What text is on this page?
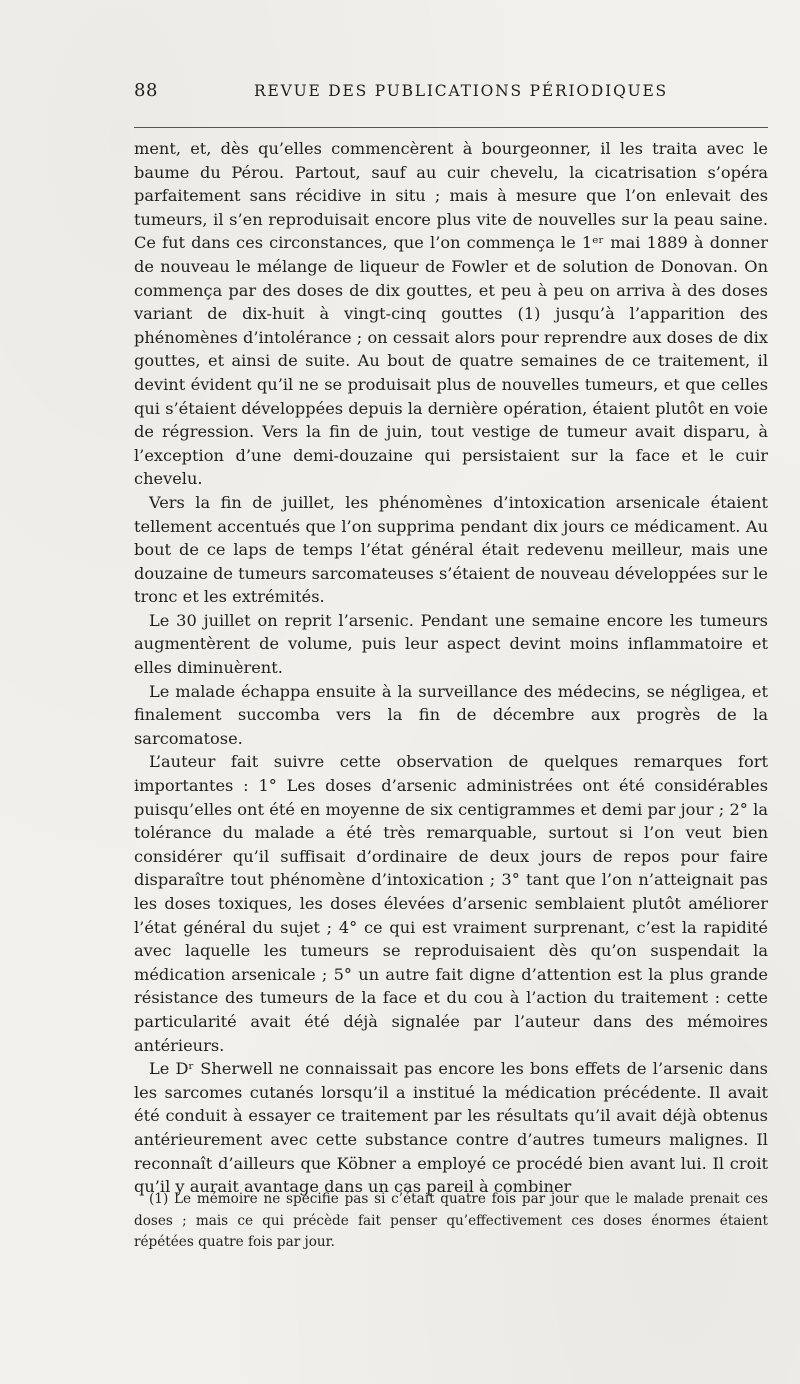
88	REVUE DES PUBLICATIONS PÉRIODIQUES

ment, et, dès qu’elles commencèrent à bourgeonner, il les traita avec le baume du Pérou. Partout, sauf au cuir chevelu, la cicatrisation s’opéra parfaitement sans récidive in situ ; mais à mesure que l’on enlevait des tumeurs, il s’en reproduisait encore plus vite de nouvelles sur la peau saine. Ce fut dans ces circonstances, que l’on commença le 1ᵉʳ mai 1889 à donner de nouveau le mélange de liqueur de Fowler et de solution de Donovan. On commença par des doses de dix gouttes, et peu à peu on arriva à des doses variant de dix-huit à vingt-cinq gouttes (1) jusqu’à l’apparition des phénomènes d’intolérance ; on cessait alors pour reprendre aux doses de dix gouttes, et ainsi de suite. Au bout de quatre semaines de ce traitement, il devint évident qu’il ne se produisait plus de nouvelles tumeurs, et que celles qui s’étaient développées depuis la dernière opération, étaient plutôt en voie de régression. Vers la fin de juin, tout vestige de tumeur avait disparu, à l’exception d’une demi-douzaine qui persistaient sur la face et le cuir chevelu.

Vers la fin de juillet, les phénomènes d’intoxication arsenicale étaient tellement accentués que l’on supprima pendant dix jours ce médicament. Au bout de ce laps de temps l’état général était redevenu meilleur, mais une douzaine de tumeurs sarcomateuses s’étaient de nouveau développées sur le tronc et les extrémités.

Le 30 juillet on reprit l’arsenic. Pendant une semaine encore les tumeurs augmentèrent de volume, puis leur aspect devint moins inflammatoire et elles diminuèrent.

Le malade échappa ensuite à la surveillance des médecins, se négligea, et finalement succomba vers la fin de décembre aux progrès de la sarcomatose.

L’auteur fait suivre cette observation de quelques remarques fort importantes : 1° Les doses d’arsenic administrées ont été considérables puisqu’elles ont été en moyenne de six centigrammes et demi par jour ; 2° la tolérance du malade a été très remarquable, surtout si l’on veut bien considérer qu’il suffisait d’ordinaire de deux jours de repos pour faire disparaître tout phénomène d’intoxication ; 3° tant que l’on n’atteignait pas les doses toxiques, les doses élevées d’arsenic semblaient plutôt améliorer l’état général du sujet ; 4° ce qui est vraiment surprenant, c’est la rapidité avec laquelle les tumeurs se reproduisaient dès qu’on suspendait la médication arsenicale ; 5° un autre fait digne d’attention est la plus grande résistance des tumeurs de la face et du cou à l’action du traitement : cette particularité avait été déjà signalée par l’auteur dans des mémoires antérieurs.

Le Dʳ Sherwell ne connaissait pas encore les bons effets de l’arsenic dans les sarcomes cutanés lorsqu’il a institué la médication précédente. Il avait été conduit à essayer ce traitement par les résultats qu’il avait déjà obtenus antérieurement avec cette substance contre d’autres tumeurs malignes. Il reconnaît d’ailleurs que Köbner a employé ce procédé bien avant lui. Il croit qu’il y aurait avantage dans un cas pareil à combiner

(1) Le mémoire ne spécifie pas si c’était quatre fois par jour que le malade prenait ces doses ; mais ce qui précède fait penser qu’effectivement ces doses énormes étaient répétées quatre fois par jour.
